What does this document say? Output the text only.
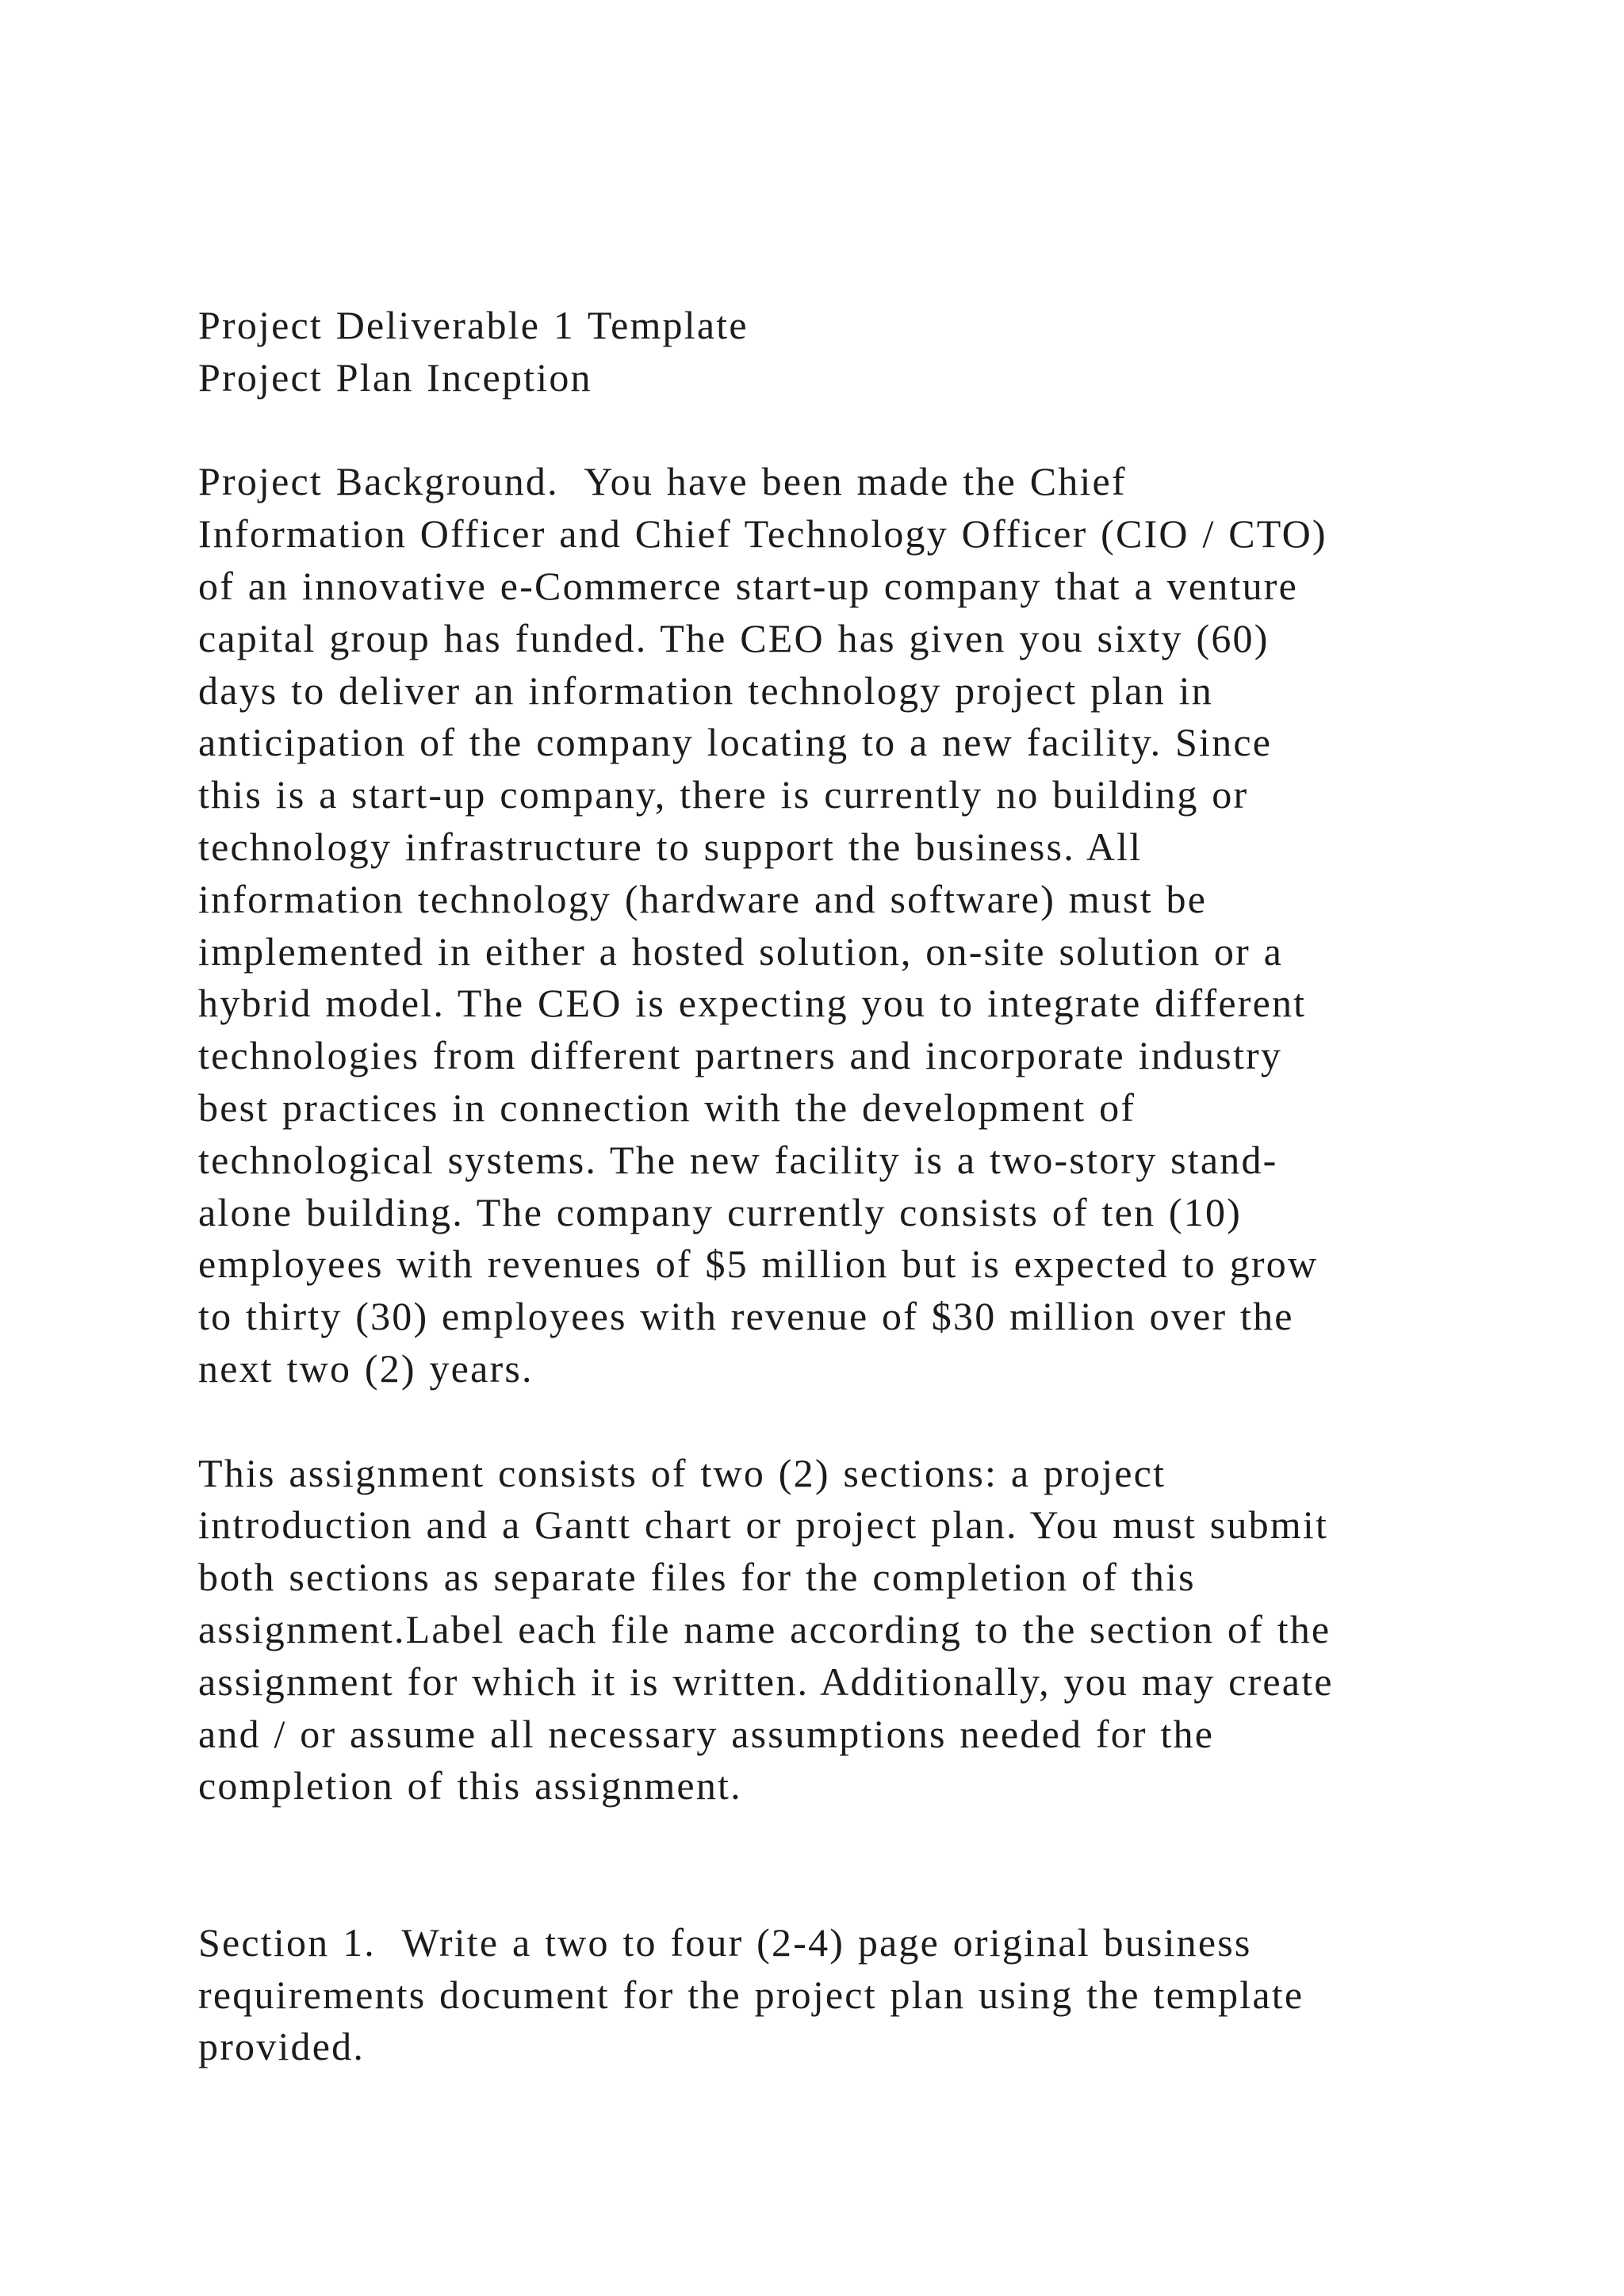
Project Deliverable 1 Template
Project Plan Inception
Project Background.  You have been made the Chief
Information Officer and Chief Technology Officer (CIO / CTO)
of an innovative e-Commerce start-up company that a venture
capital group has funded. The CEO has given you sixty (60)
days to deliver an information technology project plan in
anticipation of the company locating to a new facility. Since
this is a start-up company, there is currently no building or
technology infrastructure to support the business. All
information technology (hardware and software) must be
implemented in either a hosted solution, on-site solution or a
hybrid model. The CEO is expecting you to integrate different
technologies from different partners and incorporate industry
best practices in connection with the development of
technological systems. The new facility is a two-story stand-
alone building. The company currently consists of ten (10)
employees with revenues of $5 million but is expected to grow
to thirty (30) employees with revenue of $30 million over the
next two (2) years.
This assignment consists of two (2) sections: a project
introduction and a Gantt chart or project plan. You must submit
both sections as separate files for the completion of this
assignment.Label each file name according to the section of the
assignment for which it is written. Additionally, you may create
and / or assume all necessary assumptions needed for the
completion of this assignment.
Section 1.  Write a two to four (2-4) page original business
requirements document for the project plan using the template
provided.
